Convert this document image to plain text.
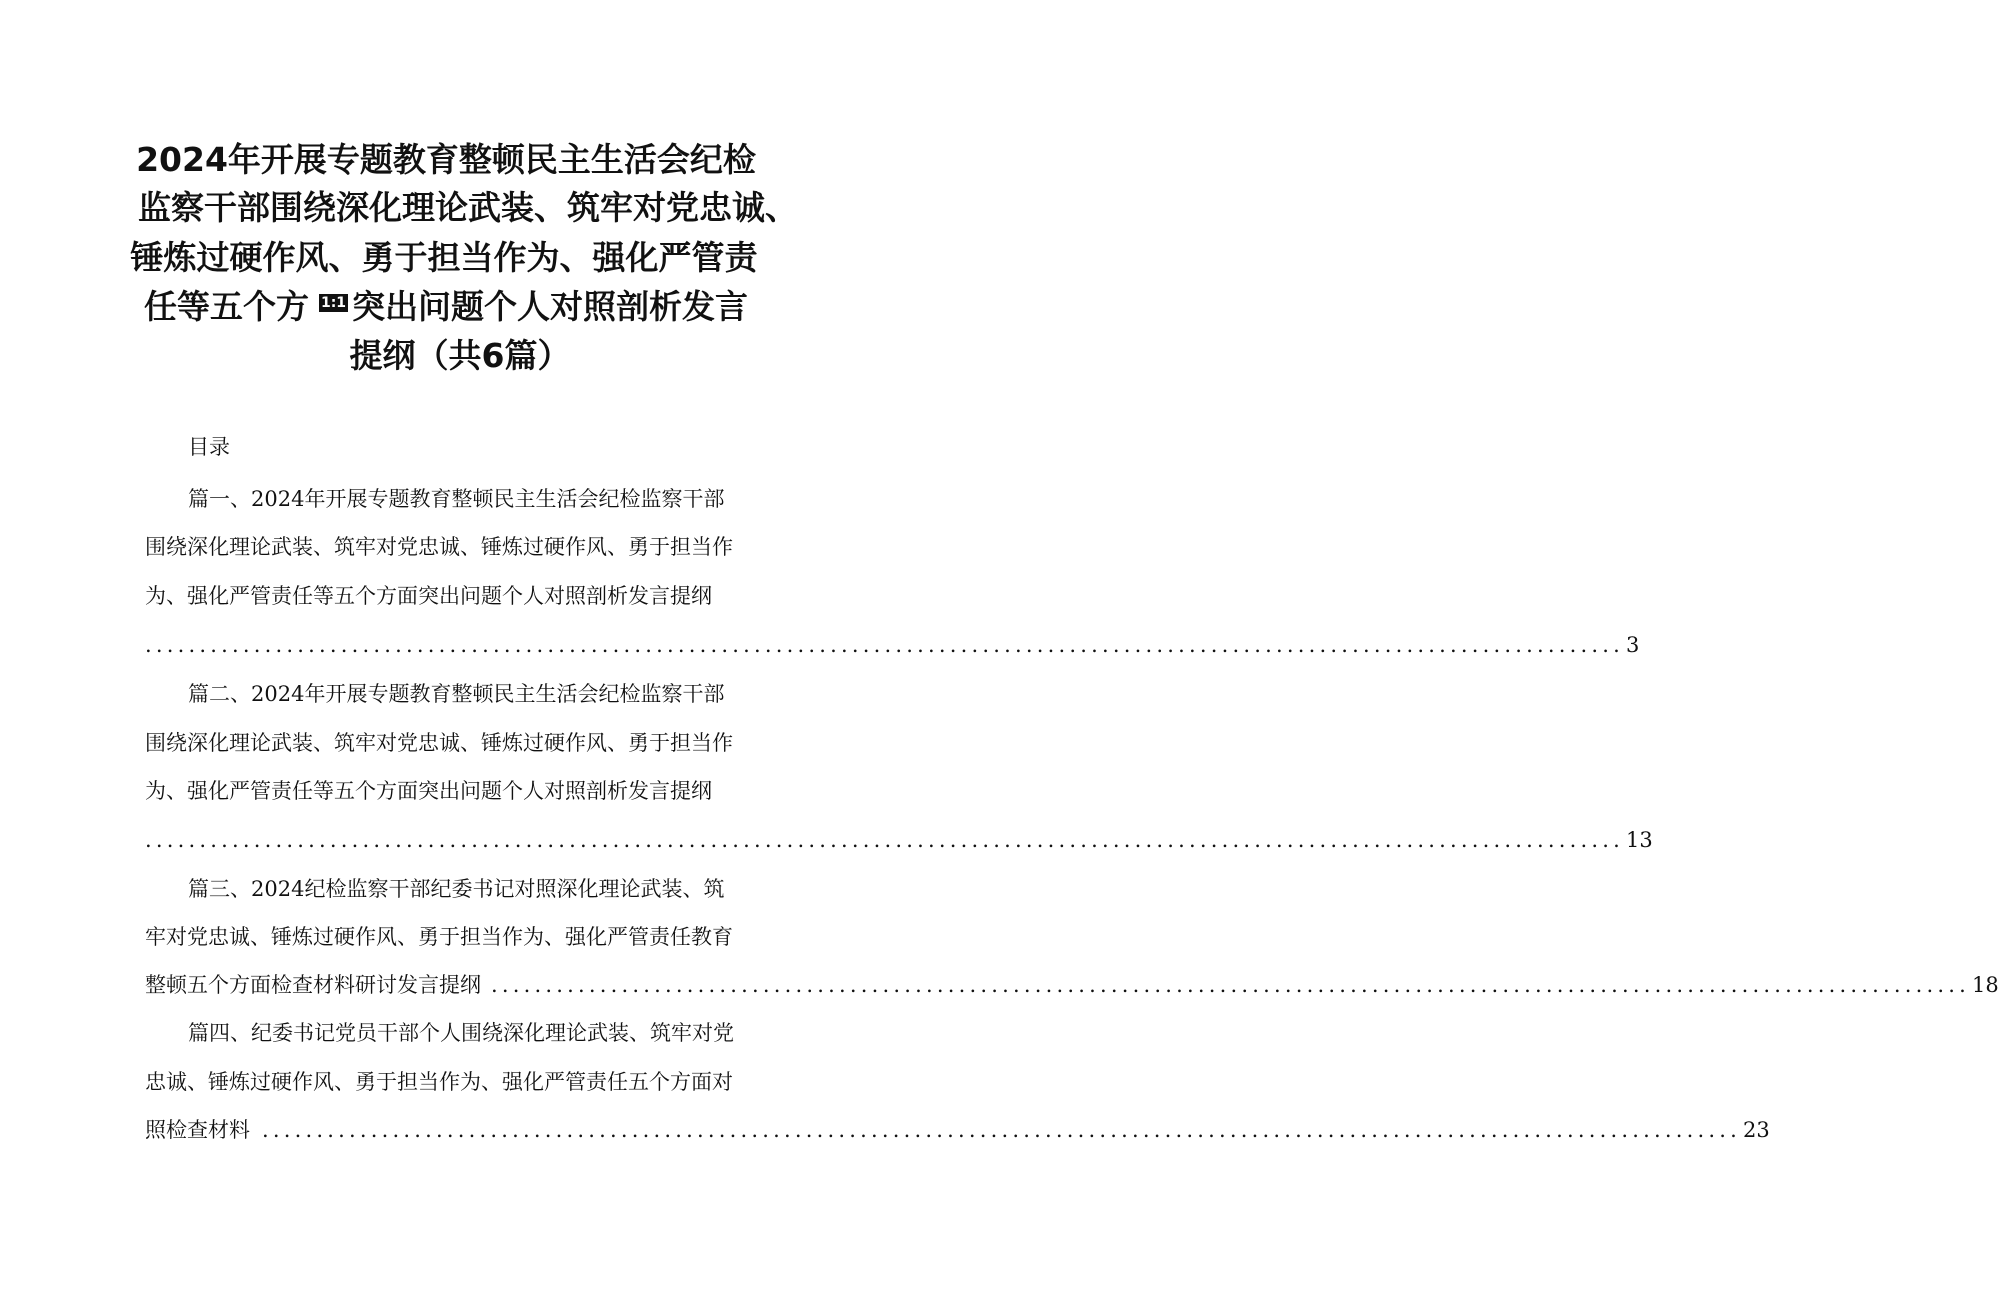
2024年开展专题教育整顿民主生活会纪检
监察干部围绕深化理论武装、筑牢对党忠诚、
锤炼过硬作风、勇于担当作为、强化严管责
任等五个方 1:1 突出问题个人对照剖析发言
提纲（共6篇）
目录
篇一、2024年开展专题教育整顿民主生活会纪检监察干部
围绕深化理论武装、筑牢对党忠诚、锤炼过硬作风、勇于担当作
为、强化严管责任等五个方面突出问题个人对照剖析发言提纲
........................................................................................................................................ 3
篇二、2024年开展专题教育整顿民主生活会纪检监察干部
围绕深化理论武装、筑牢对党忠诚、锤炼过硬作风、勇于担当作
为、强化严管责任等五个方面突出问题个人对照剖析发言提纲
........................................................................................................................................ 13
篇三、2024纪检监察干部纪委书记对照深化理论武装、筑
牢对党忠诚、锤炼过硬作风、勇于担当作为、强化严管责任教育
整顿五个方面检查材料研讨发言提纲 ........................................................................................................................................ 18
篇四、纪委书记党员干部个人围绕深化理论武装、筑牢对党
忠诚、锤炼过硬作风、勇于担当作为、强化严管责任五个方面对
照检查材料 ........................................................................................................................................ 23
